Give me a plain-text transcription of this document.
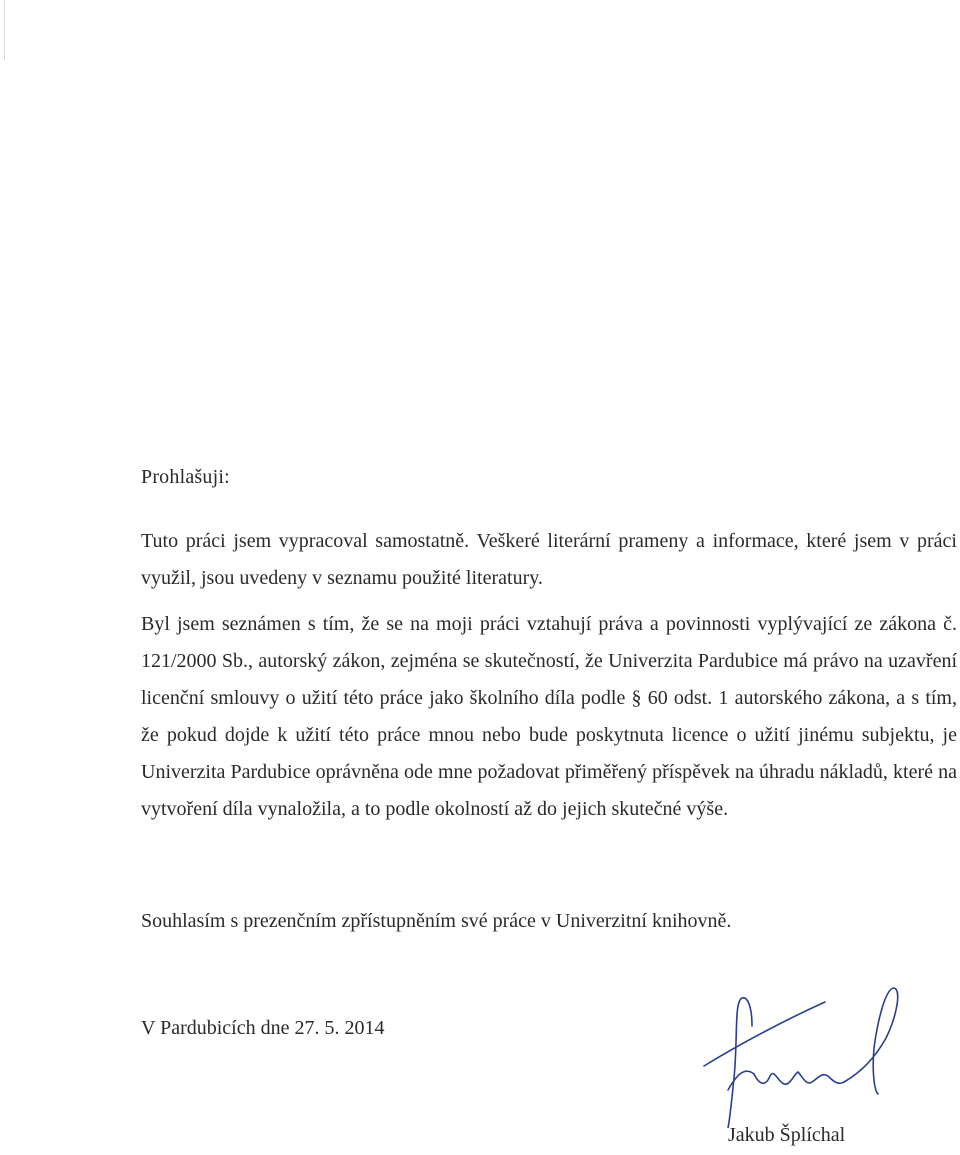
Prohlašuji:
Tuto práci jsem vypracoval samostatně. Veškeré literární prameny a informace, které jsem v práci využil, jsou uvedeny v seznamu použité literatury.
Byl jsem seznámen s tím, že se na moji práci vztahují práva a povinnosti vyplývající ze zákona č. 121/2000 Sb., autorský zákon, zejména se skutečností, že Univerzita Pardubice má právo na uzavření licenční smlouvy o užití této práce jako školního díla podle § 60 odst. 1 autorského zákona, a s tím, že pokud dojde k užití této práce mnou nebo bude poskytnuta licence o užití jinému subjektu, je Univerzita Pardubice oprávněna ode mne požadovat přiměřený příspěvek na úhradu nákladů, které na vytvoření díla vynaložila, a to podle okolností až do jejich skutečné výše.
Souhlasím s prezenčním zpřístupněním své práce v Univerzitní knihovně.
V Pardubicích dne 27. 5. 2014
Jakub Šplíchal
